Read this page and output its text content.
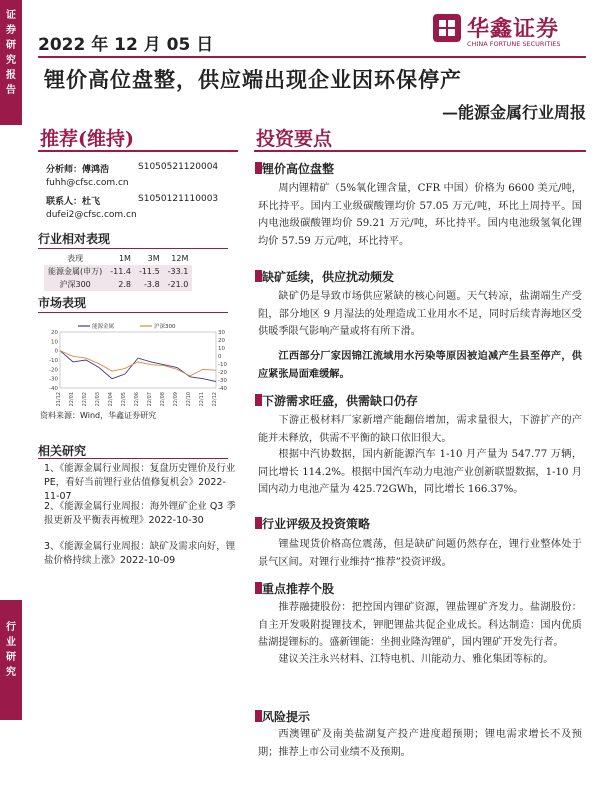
证券研究报告
行业研究
2022 年 12 月 05 日
华鑫证券
CHINA FORTUNE SECURITIES
锂价高位盘整，供应端出现企业因环保停产
—能源金属行业周报
推荐(维持)
分析师：傅鸿浩	S1050521120004
fuhh@cfsc.com.cn
联系人：杜飞	S1050121110003
dufei2@cfsc.com.cn
行业相对表现
表现	1M	3M	12M
能源金属(申万)	-11.4	-11.5	-33.1
沪深300	2.8	-3.8	-21.0
市场表现
20
10
0
-10
-20
-30
-40
30
20
10
0
-10
-20
-30
-40
21/12 22/01 22/02 22/03 22/04 22/05 22/06 22/07 22/08 22/09 22/10 22/11 22/12
能源金属	沪深300
资料来源：Wind，华鑫证券研究
相关研究
1、《能源金属行业周报：复盘历史锂价及行业 PE，看好当前锂行业估值修复机会》2022-11-07
2、《能源金属行业周报：海外锂矿企业 Q3 季报更新及平衡表再梳理》2022-10-30
3、《能源金属行业周报：缺矿及需求向好，锂盐价格持续上涨》2022-10-09
投资要点
锂价高位盘整
周内锂精矿（5%氧化锂含量，CFR 中国）价格为 6600 美元/吨，环比持平。国内工业级碳酸锂均价 57.05 万元/吨，环比上周持平。国内电池级碳酸锂均价 59.21 万元/吨，环比持平。国内电池级氢氧化锂均价 57.59 万元/吨，环比持平。
缺矿延续，供应扰动频发
缺矿仍是导致市场供应紧缺的核心问题。天气转凉，盐湖端生产受阻，部分地区 9 月湿法的处理造成工业用水不足，同时后续青海地区受供暖季限气影响产量或将有所下滑。
江西部分厂家因锦江流域用水污染等原因被迫减产生县至停产，供应紧张局面难缓解。
下游需求旺盛，供需缺口仍存
下游正极材料厂家新增产能翻倍增加，需求量很大，下游扩产的产能并未释放，供需不平衡的缺口依旧很大。
根据中汽协数据，国内新能源汽车 1-10 月产量为 547.77 万辆，同比增长 114.2%。根据中国汽车动力电池产业创新联盟数据，1-10 月国内动力电池产量为 425.72GWh，同比增长 166.37%。
行业评级及投资策略
锂盐现货价格高位震荡，但是缺矿问题仍然存在，锂行业整体处于景气区间。对锂行业维持“推荐”投资评级。
重点推荐个股
推荐融捷股份：把控国内锂矿资源，锂盐锂矿齐发力。盐湖股份：自主开发吸附提锂技术，钾肥锂盐共促企业成长。科达制造：国内优质盐湖提锂标的。盛新锂能：坐拥业隆沟锂矿，国内锂矿开发先行者。
建议关注永兴材料、江特电机、川能动力、雅化集团等标的。
风险提示
西澳锂矿及南美盐湖复产投产进度超预期；锂电需求增长不及预期；推荐上市公司业绩不及预期。
